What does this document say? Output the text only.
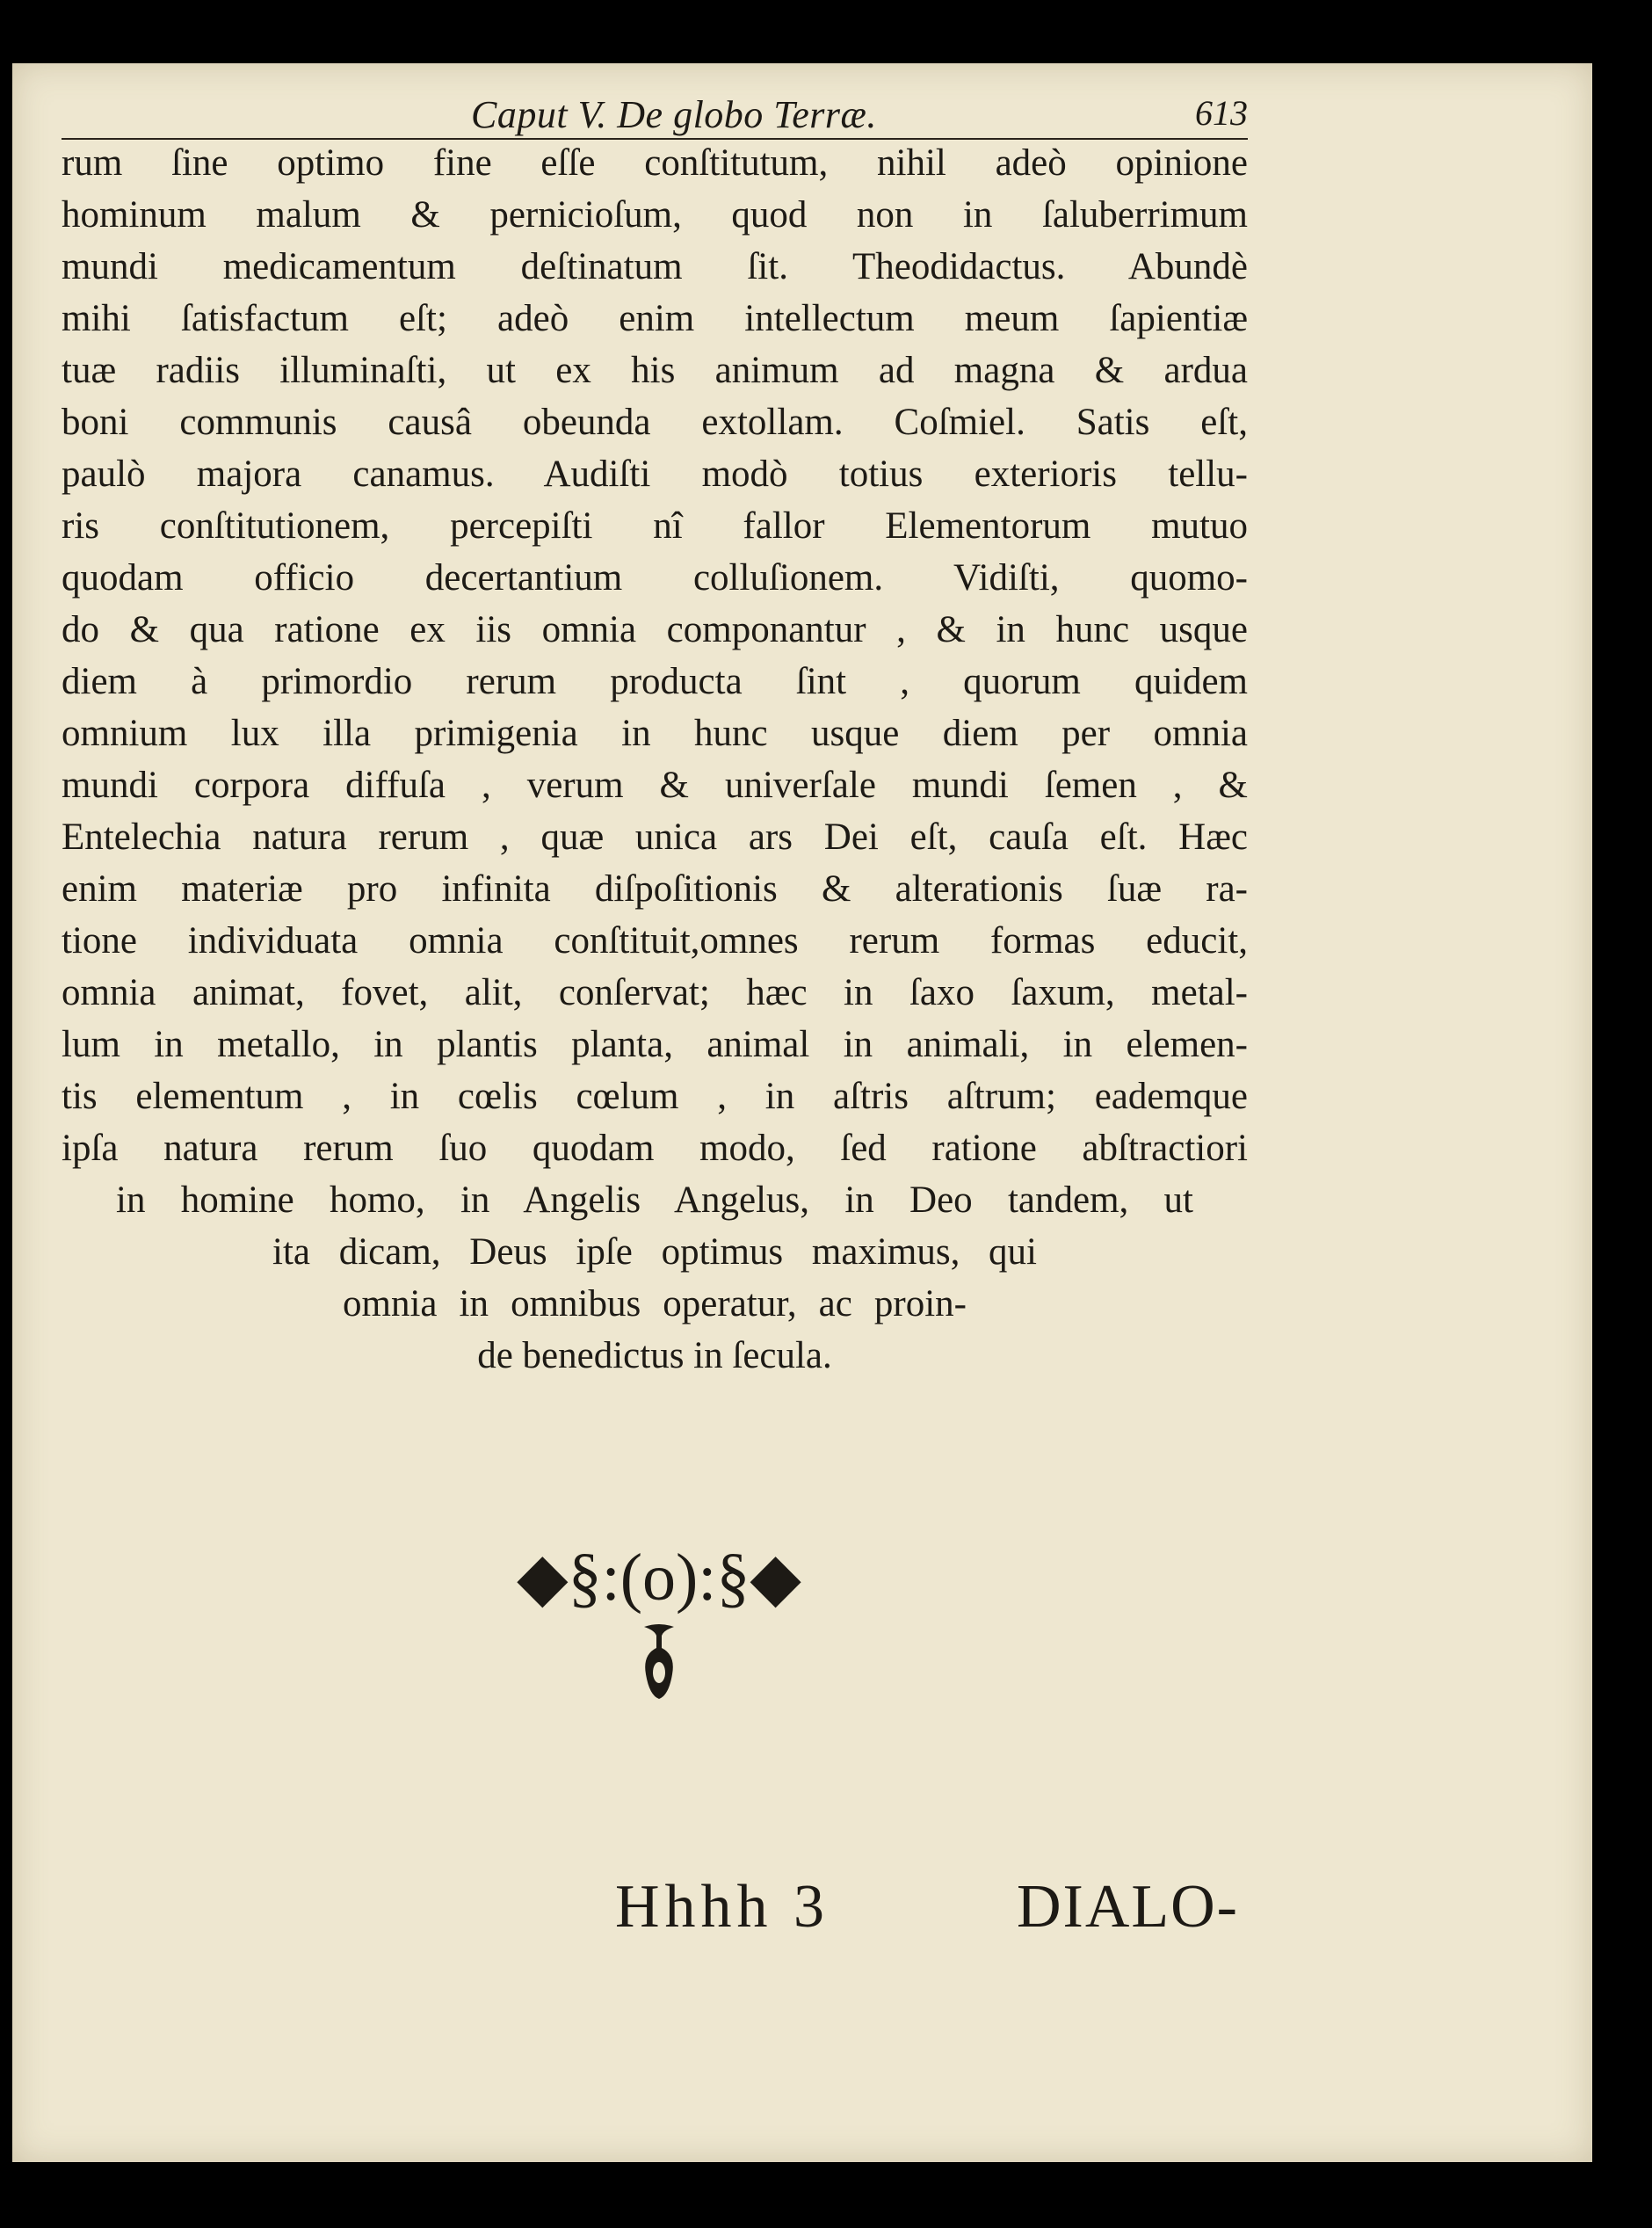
Caput V. De globo Terræ.	613
rum ſine optimo fine eſſe conſtitutum, nihil adeò opinione
hominum malum & pernicioſum, quod non in ſaluberrimum
mundi medicamentum deſtinatum ſit. Theodidactus. Abundè
mihi ſatisfactum eſt; adeò enim intellectum meum ſapientiæ
tuæ radiis illuminaſti, ut ex his animum ad magna & ardua
boni communis causâ obeunda extollam. Coſmiel. Satis eſt,
paulò majora canamus. Audiſti modò totius exterioris tellu-
ris conſtitutionem, percepiſti nî fallor Elementorum mutuo
quodam officio decertantium colluſionem. Vidiſti, quomo-
do & qua ratione ex iis omnia componantur , & in hunc usque
diem à primordio rerum producta ſint , quorum quidem
omnium lux illa primigenia in hunc usque diem per omnia
mundi corpora diffuſa , verum & univerſale mundi ſemen , &
Entelechia natura rerum , quæ unica ars Dei eſt, cauſa eſt. Hæc
enim materiæ pro infinita diſpoſitionis & alterationis ſuæ ra-
tione individuata omnia conſtituit,omnes rerum formas educit,
omnia animat, fovet, alit, conſervat; hæc in ſaxo ſaxum, metal-
lum in metallo, in plantis planta, animal in animali, in elemen-
tis elementum , in cœlis cœlum , in aſtris aſtrum; eademque
ipſa natura rerum ſuo quodam modo, ſed ratione abſtractiori
in homine homo, in Angelis Angelus, in Deo tandem, ut
ita dicam, Deus ipſe optimus maximus, qui
omnia in omnibus operatur, ac proin-
de benedictus in ſecula.
◆§:(o):§◆
Hhhh 3	DIALO-
